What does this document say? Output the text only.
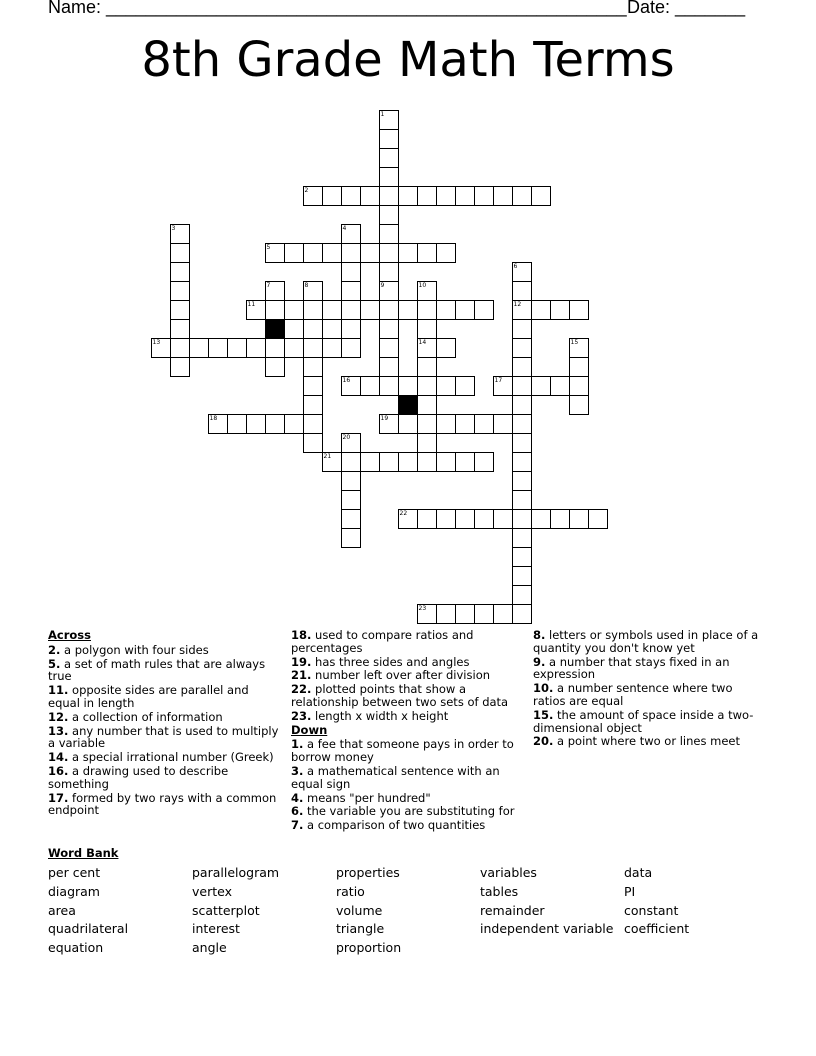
Name: ____________________________________________________ Date: _______
8th Grade Math Terms
1
2
3	4
5
6
7	8	9	10
11	12
13	14	15
16	17
18	19
20
21
22
23
Across
2. a polygon with four sides
5. a set of math rules that are always true
11. opposite sides are parallel and equal in length
12. a collection of information
13. any number that is used to multiply a variable
14. a special irrational number (Greek)
16. a drawing used to describe something
17. formed by two rays with a common endpoint
18. used to compare ratios and percentages
19. has three sides and angles
21. number left over after division
22. plotted points that show a relationship between two sets of data
23. length x width x height
Down
1. a fee that someone pays in order to borrow money
3. a mathematical sentence with an equal sign
4. means "per hundred"
6. the variable you are substituting for
7. a comparison of two quantities
8. letters or symbols used in place of a quantity you don't know yet
9. a number that stays fixed in an expression
10. a number sentence where two ratios are equal
15. the amount of space inside a two-dimensional object
20. a point where two or lines meet
Word Bank
per cent
diagram
area
quadrilateral
equation
parallelogram
vertex
scatterplot
interest
angle
properties
ratio
volume
triangle
proportion
variables
tables
remainder
independent variable
data
PI
constant
coefficient
